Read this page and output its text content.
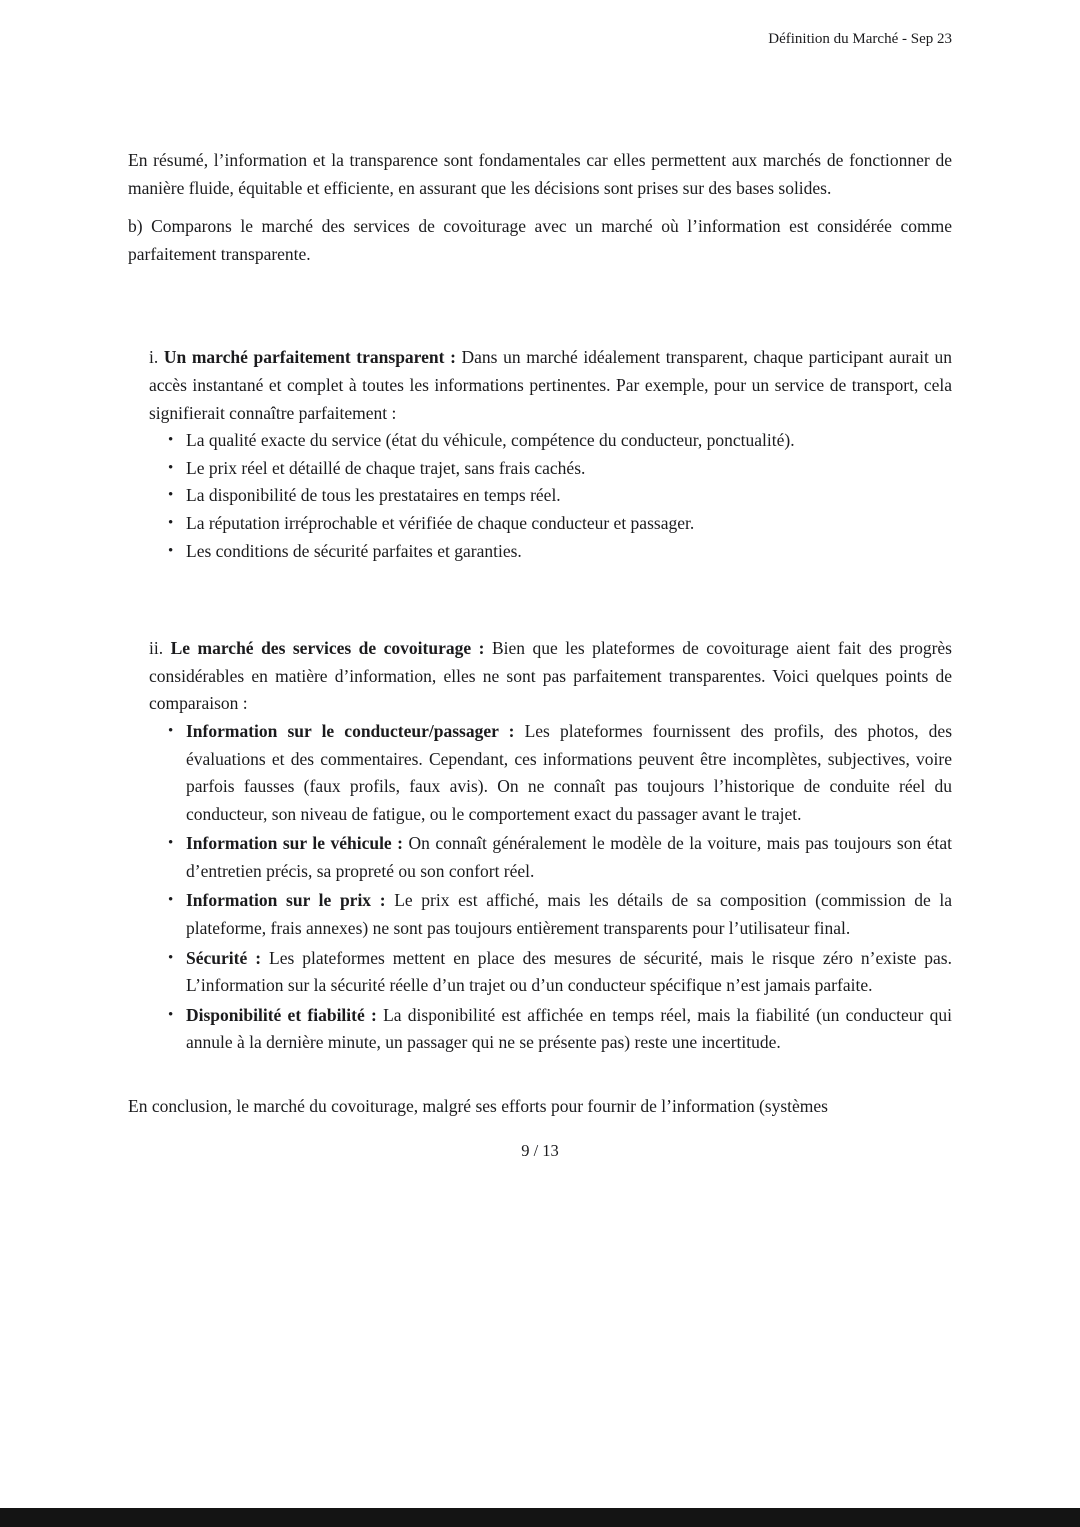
Définition du Marché - Sep 23

En résumé, l’information et la transparence sont fondamentales car elles permettent aux marchés de fonctionner de manière fluide, équitable et efficiente, en assurant que les décisions sont prises sur des bases solides.

b) Comparons le marché des services de covoiturage avec un marché où l’information est considérée comme parfaitement transparente.

i. Un marché parfaitement transparent : Dans un marché idéalement transparent, chaque participant aurait un accès instantané et complet à toutes les informations pertinentes. Par exemple, pour un service de transport, cela signifierait connaître parfaitement :

• La qualité exacte du service (état du véhicule, compétence du conducteur, ponctualité).
• Le prix réel et détaillé de chaque trajet, sans frais cachés.
• La disponibilité de tous les prestataires en temps réel.
• La réputation irréprochable et vérifiée de chaque conducteur et passager.
• Les conditions de sécurité parfaites et garanties.

ii. Le marché des services de covoiturage : Bien que les plateformes de covoiturage aient fait des progrès considérables en matière d’information, elles ne sont pas parfaitement transparentes. Voici quelques points de comparaison :

• Information sur le conducteur/passager : Les plateformes fournissent des profils, des photos, des évaluations et des commentaires. Cependant, ces informations peuvent être incomplètes, subjectives, voire parfois fausses (faux profils, faux avis). On ne connaît pas toujours l’historique de conduite réel du conducteur, son niveau de fatigue, ou le comportement exact du passager avant le trajet.
• Information sur le véhicule : On connaît généralement le modèle de la voiture, mais pas toujours son état d’entretien précis, sa propreté ou son confort réel.
• Information sur le prix : Le prix est affiché, mais les détails de sa composition (commission de la plateforme, frais annexes) ne sont pas toujours entièrement transparents pour l’utilisateur final.
• Sécurité : Les plateformes mettent en place des mesures de sécurité, mais le risque zéro n’existe pas. L’information sur la sécurité réelle d’un trajet ou d’un conducteur spécifique n’est jamais parfaite.
• Disponibilité et fiabilité : La disponibilité est affichée en temps réel, mais la fiabilité (un conducteur qui annule à la dernière minute, un passager qui ne se présente pas) reste une incertitude.

En conclusion, le marché du covoiturage, malgré ses efforts pour fournir de l’information (systèmes

9 / 13
